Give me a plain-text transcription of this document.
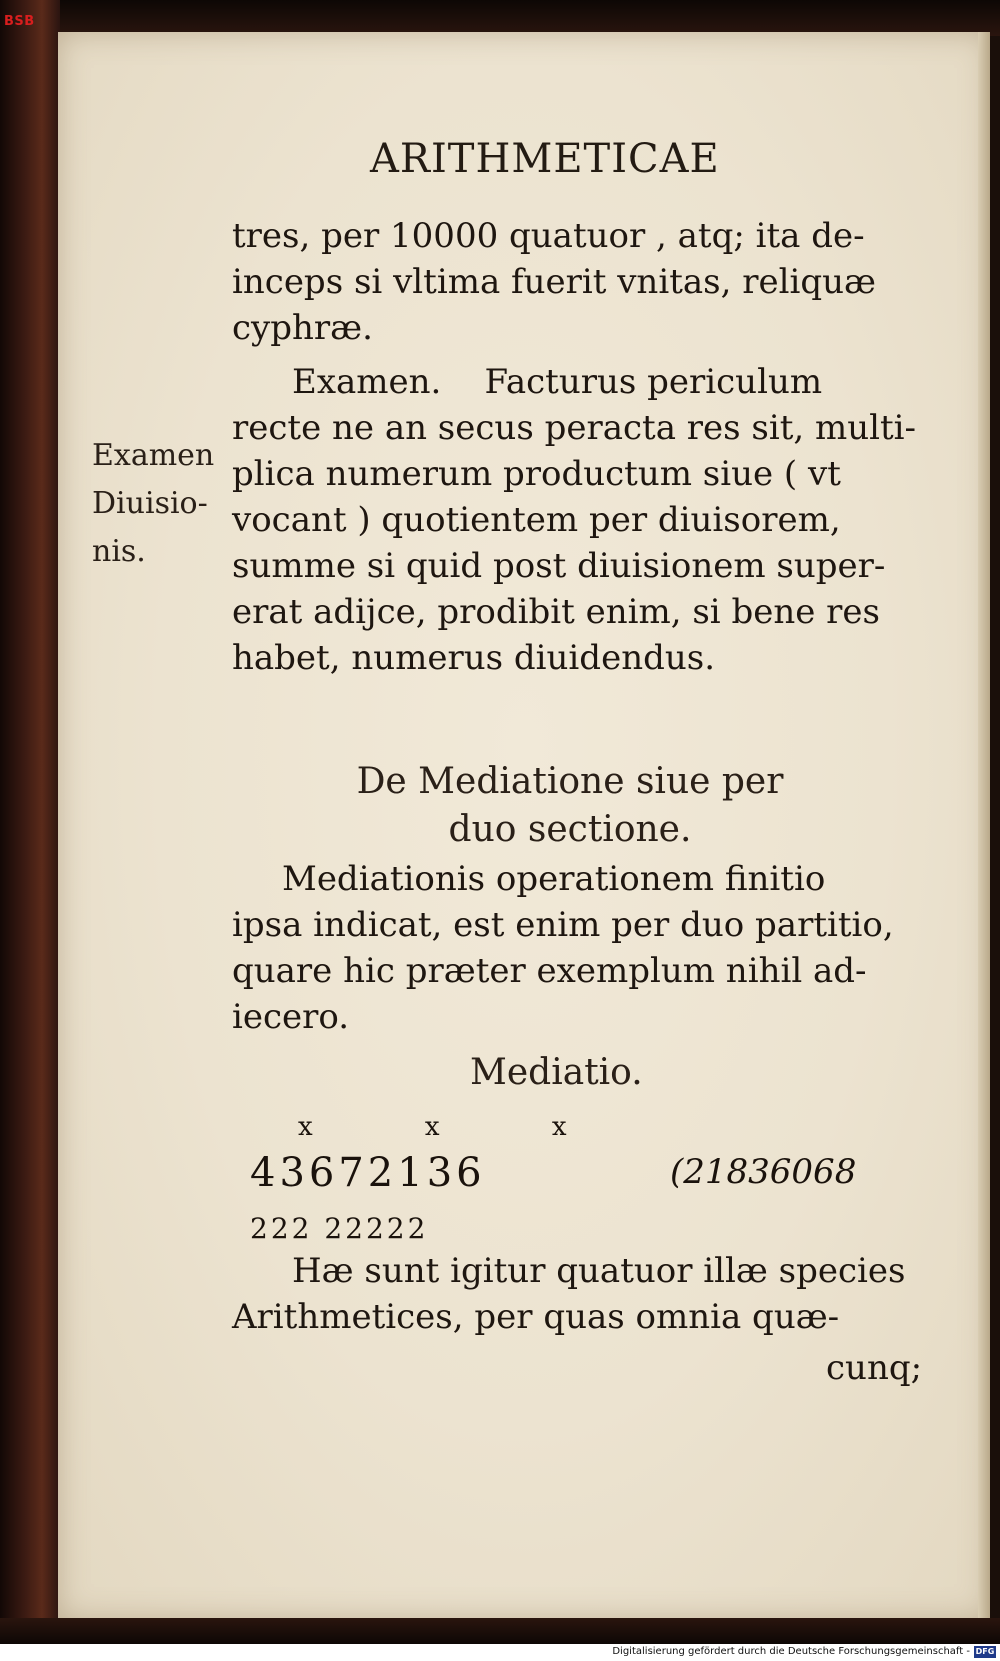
BSB
ARITHMETICAE
tres, per 10000 quatuor , atq; ita de-
inceps si vltima fuerit vnitas, reliquæ
cyphræ.
Examen.    Facturus periculum
recte ne an secus peracta res sit, multi-
plica numerum productum siue ( vt
vocant ) quotientem per diuisorem,
summe si quid post diuisionem super-
erat adijce, prodibit enim, si bene res
habet, numerus diuidendus.
Examen
Diuisio-
nis.
De Mediatione siue per
duo sectione.
Mediationis operationem finitio
ipsa indicat, est enim per duo partitio,
quare hic præter exemplum nihil ad-
iecero.
Mediatio.
x x x
43672136	(21836068
222 22222
Hæ sunt igitur quatuor illæ species
Arithmetices, per quas omnia quæ-
cunq;
Digitalisierung gefördert durch die Deutsche Forschungsgemeinschaft - DFG
